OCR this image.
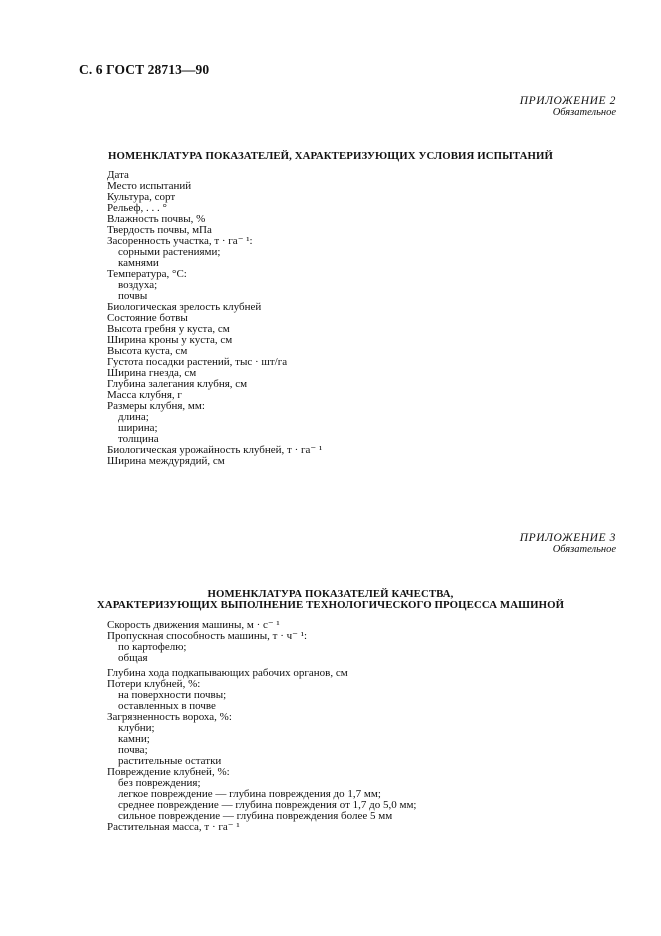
С. 6 ГОСТ 28713—90
ПРИЛОЖЕНИЕ 2
Обязательное
НОМЕНКЛАТУРА ПОКАЗАТЕЛЕЙ, ХАРАКТЕРИЗУЮЩИХ УСЛОВИЯ ИСПЫТАНИЙ
Дата
Место испытаний
Культура, сорт
Рельеф, . . . °
Влажность почвы, %
Твердость почвы, мПа
Засоренность участка, т · га⁻ ¹:
сорными растениями;
камнями
Температура, °С:
воздуха;
почвы
Биологическая зрелость клубней
Состояние ботвы
Высота гребня у куста, см
Ширина кроны у куста, см
Высота куста, см
Густота посадки растений, тыс · шт/га
Ширина гнезда, см
Глубина залегания клубня, см
Масса клубня, г
Размеры клубня, мм:
длина;
ширина;
толщина
Биологическая урожайность клубней, т · га⁻ ¹
Ширина междурядий, см
ПРИЛОЖЕНИЕ 3
Обязательное
НОМЕНКЛАТУРА ПОКАЗАТЕЛЕЙ КАЧЕСТВА,
ХАРАКТЕРИЗУЮЩИХ ВЫПОЛНЕНИЕ ТЕХНОЛОГИЧЕСКОГО ПРОЦЕССА МАШИНОЙ
Скорость движения машины, м · с⁻ ¹
Пропускная способность машины, т · ч⁻ ¹:
по картофелю;
общая
Глубина хода подкапывающих рабочих органов, см
Потери клубней, %:
на поверхности почвы;
оставленных в почве
Загрязненность вороха, %:
клубни;
камни;
почва;
растительные остатки
Повреждение клубней, %:
без повреждения;
легкое повреждение — глубина повреждения до 1,7 мм;
среднее повреждение — глубина повреждения от 1,7 до 5,0 мм;
сильное повреждение — глубина повреждения более 5 мм
Растительная масса, т · га⁻ ¹
